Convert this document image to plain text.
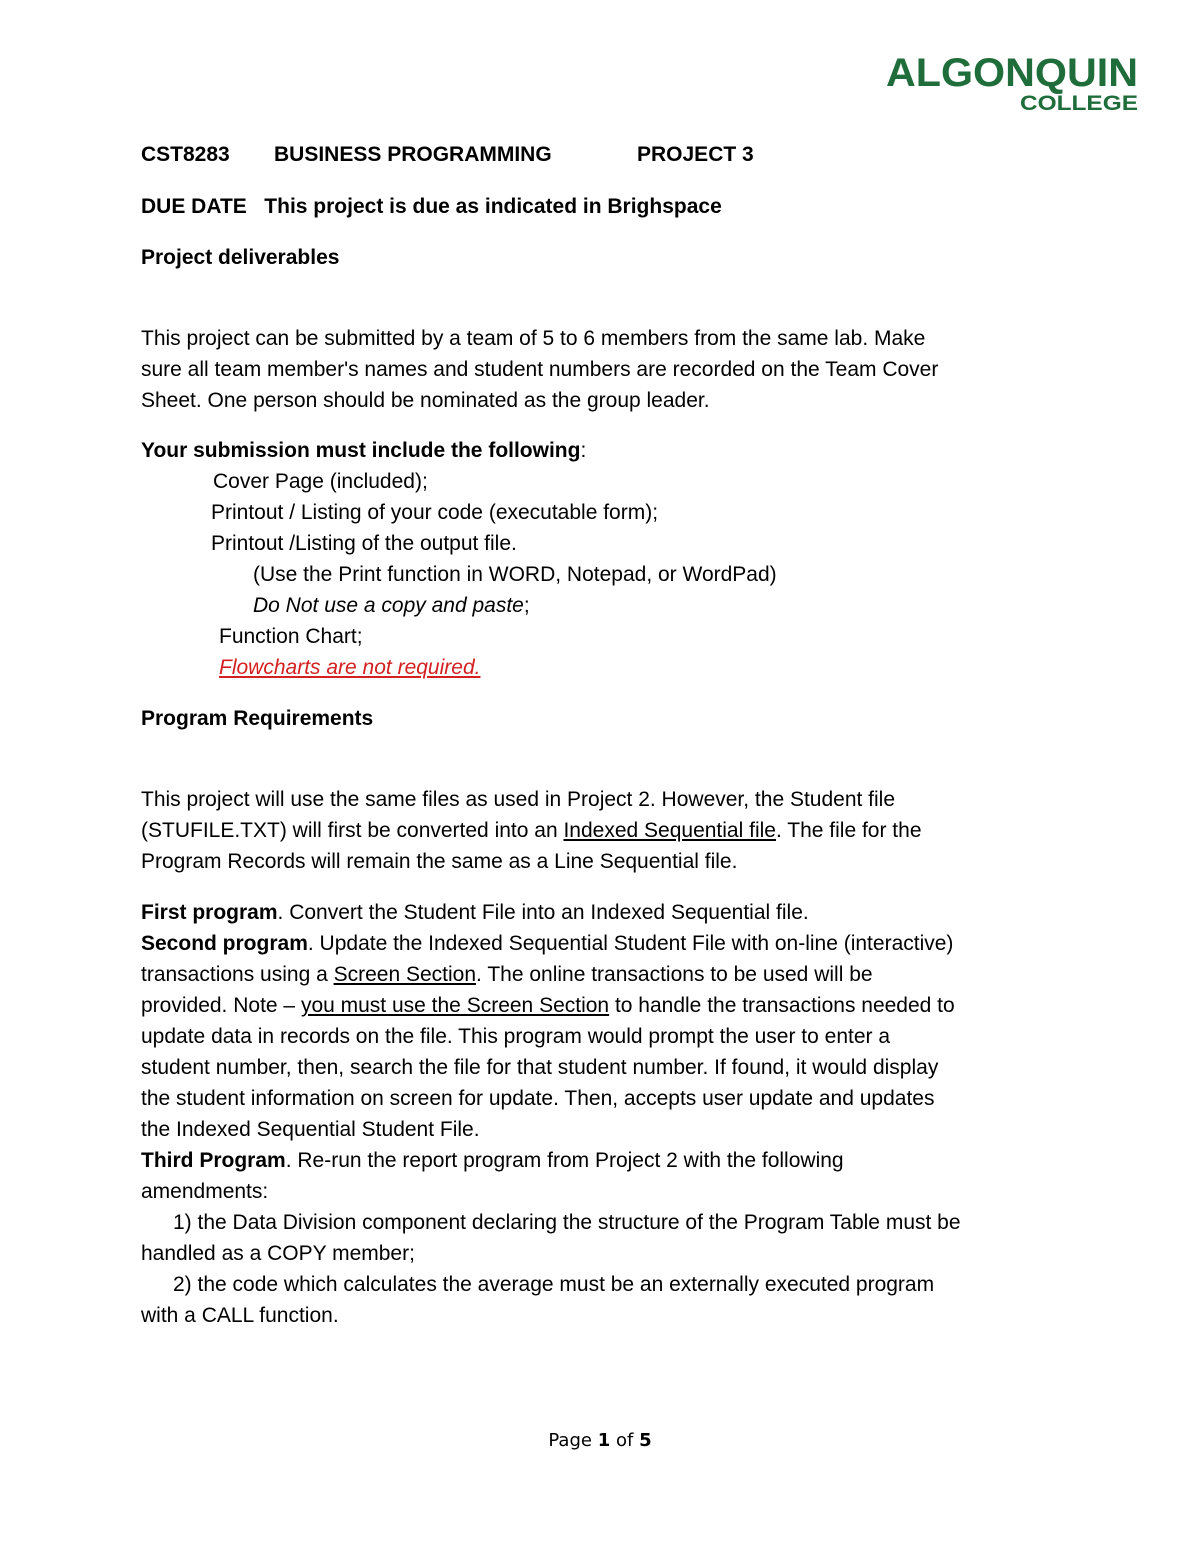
ALGONQUIN
COLLEGE
CST8283 BUSINESS PROGRAMMING	PROJECT 3
DUE DATE This project is due as indicated in Brighspace
Project deliverables
This project can be submitted by a team of 5 to 6 members from the same lab. Make
sure all team member's names and student numbers are recorded on the Team Cover
Sheet. One person should be nominated as the group leader.
Your submission must include the following:
Cover Page (included);
Printout / Listing of your code (executable form);
Printout /Listing of the output file.
(Use the Print function in WORD, Notepad, or WordPad)
Do Not use a copy and paste;
Function Chart;
Flowcharts are not required.
Program Requirements
This project will use the same files as used in Project 2. However, the Student file
(STUFILE.TXT) will first be converted into an Indexed Sequential file. The file for the
Program Records will remain the same as a Line Sequential file.
First program. Convert the Student File into an Indexed Sequential file.
Second program. Update the Indexed Sequential Student File with on-line (interactive)
transactions using a Screen Section. The online transactions to be used will be
provided. Note – you must use the Screen Section to handle the transactions needed to
update data in records on the file. This program would prompt the user to enter a
student number, then, search the file for that student number. If found, it would display
the student information on screen for update. Then, accepts user update and updates
the Indexed Sequential Student File.
Third Program. Re-run the report program from Project 2 with the following
amendments:
1) the Data Division component declaring the structure of the Program Table must be
handled as a COPY member;
2) the code which calculates the average must be an externally executed program
with a CALL function.
Page 1 of 5
